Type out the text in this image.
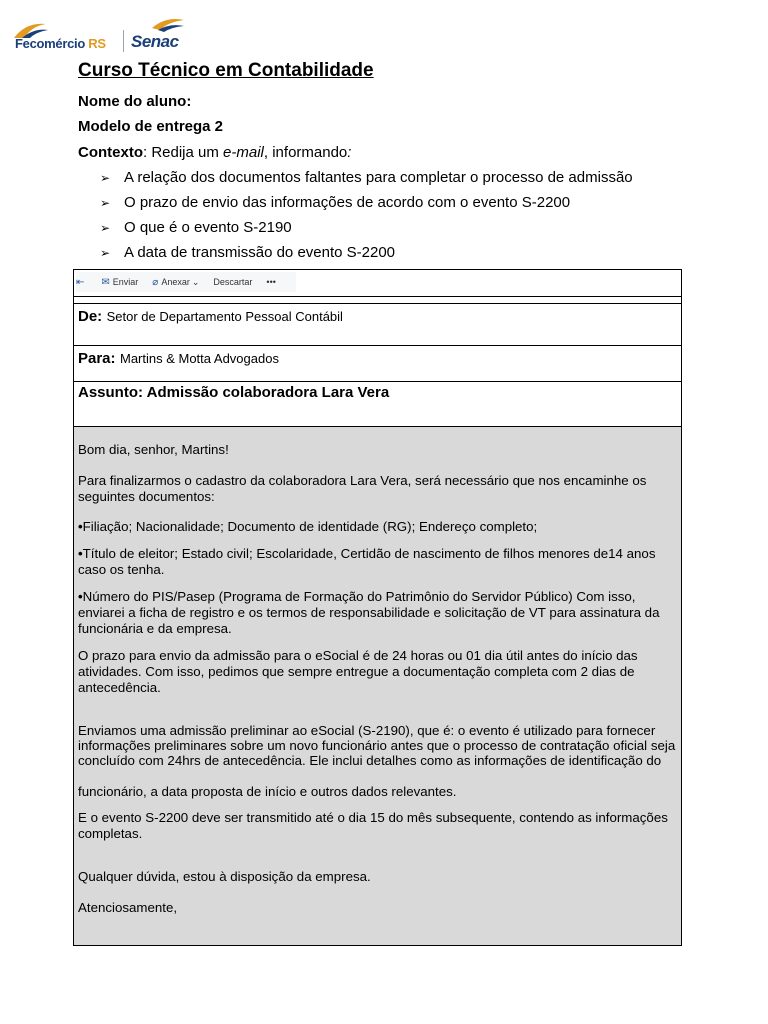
Fecomércio RS Senac
Curso Técnico em Contabilidade
Nome do aluno:
Modelo de entrega 2
Contexto: Redija um e-mail, informando:
➢ A relação dos documentos faltantes para completar o processo de admissão
➢ O prazo de envio das informações de acordo com o evento S-2200
➢ O que é o evento S-2190
➢ A data de transmissão do evento S-2200
⇤ ✉ Enviar ⌀ Anexar ⌄ Descartar •••
De: Setor de Departamento Pessoal Contábil
Para: Martins & Motta Advogados
Assunto: Admissão colaboradora Lara Vera
Bom dia, senhor, Martins!
Para finalizarmos o cadastro da colaboradora Lara Vera, será necessário que nos encaminhe os seguintes documentos:
•Filiação; Nacionalidade; Documento de identidade (RG); Endereço completo;
•Título de eleitor; Estado civil; Escolaridade, Certidão de nascimento de filhos menores de14 anos caso os tenha.
•Número do PIS/Pasep (Programa de Formação do Patrimônio do Servidor Público) Com isso, enviarei a ficha de registro e os termos de responsabilidade e solicitação de VT para assinatura da funcionária e da empresa.
O prazo para envio da admissão para o eSocial é de 24 horas ou 01 dia útil antes do início das atividades. Com isso, pedimos que sempre entregue a documentação completa com 2 dias de antecedência.
Enviamos uma admissão preliminar ao eSocial (S-2190), que é: o evento é utilizado para fornecer informações preliminares sobre um novo funcionário antes que o processo de contratação oficial seja concluído com 24hrs de antecedência. Ele inclui detalhes como as informações de identificação do
funcionário, a data proposta de início e outros dados relevantes.
E o evento S-2200 deve ser transmitido até o dia 15 do mês subsequente, contendo as informações completas.
Qualquer dúvida, estou à disposição da empresa.
Atenciosamente,
